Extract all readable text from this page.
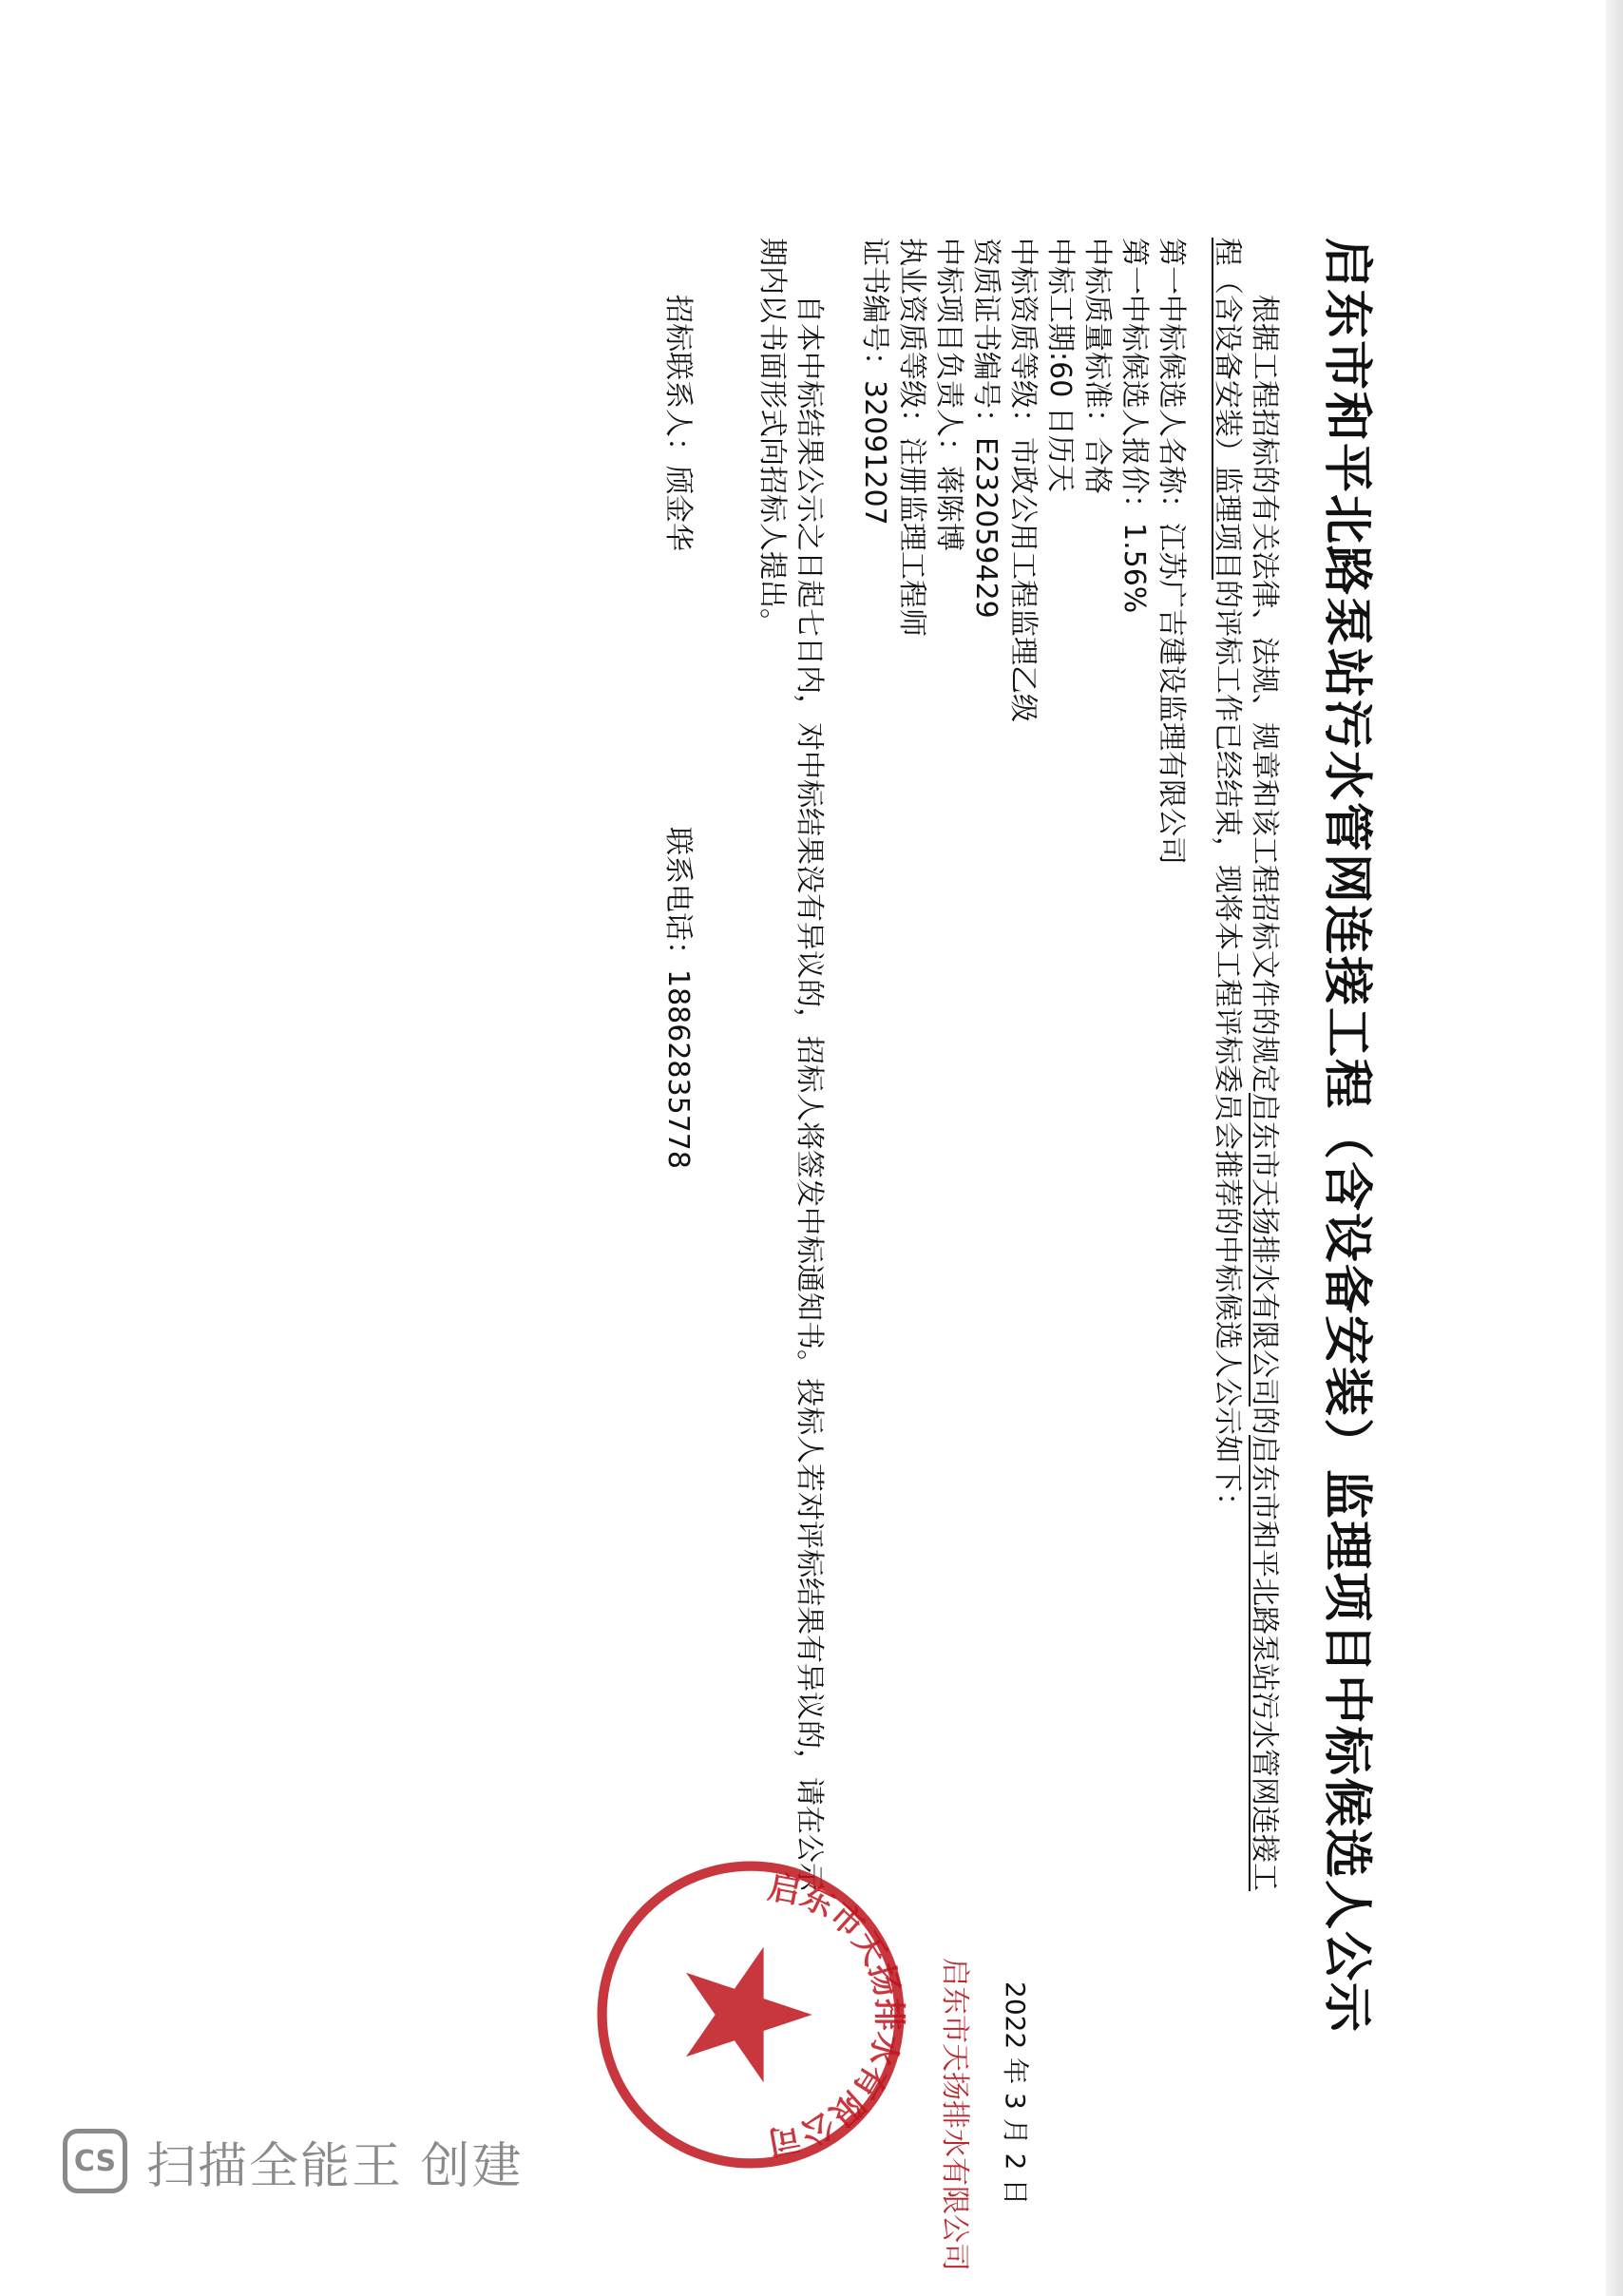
启东市和平北路泵站污水管网连接工程（含设备安装）监理项目中标候选人公示
根据工程招标的有关法律、法规、规章和该工程招标文件的规定启东市天扬排水有限公司的启东市和平北路泵站污水管网连接工
程（含设备安装）监理项目的评标工作已经结束，现将本工程评标委员会推荐的中标候选人公示如下：
第一中标候选人名称：江苏广吉建设监理有限公司
第一中标候选人报价：1.56%
中标质量标准：合格
中标工期:60 日历天
中标资质等级：市政公用工程监理乙级
资质证书编号：E232059429
中标项目负责人：蒋陈博
执业资质等级：注册监理工程师
证书编号：32091207
自本中标结果公示之日起七日内，对中标结果没有异议的，招标人将签发中标通知书。投标人若对评标结果有异议的，请在公示
期内以书面形式向招标人提出。
招标联系人：颀金华
联系电话：18862835778
启东市天扬排水有限公司 2022 年 3 月 2 日
启东市天扬排水有限公司
CS 扫描全能王 创建
